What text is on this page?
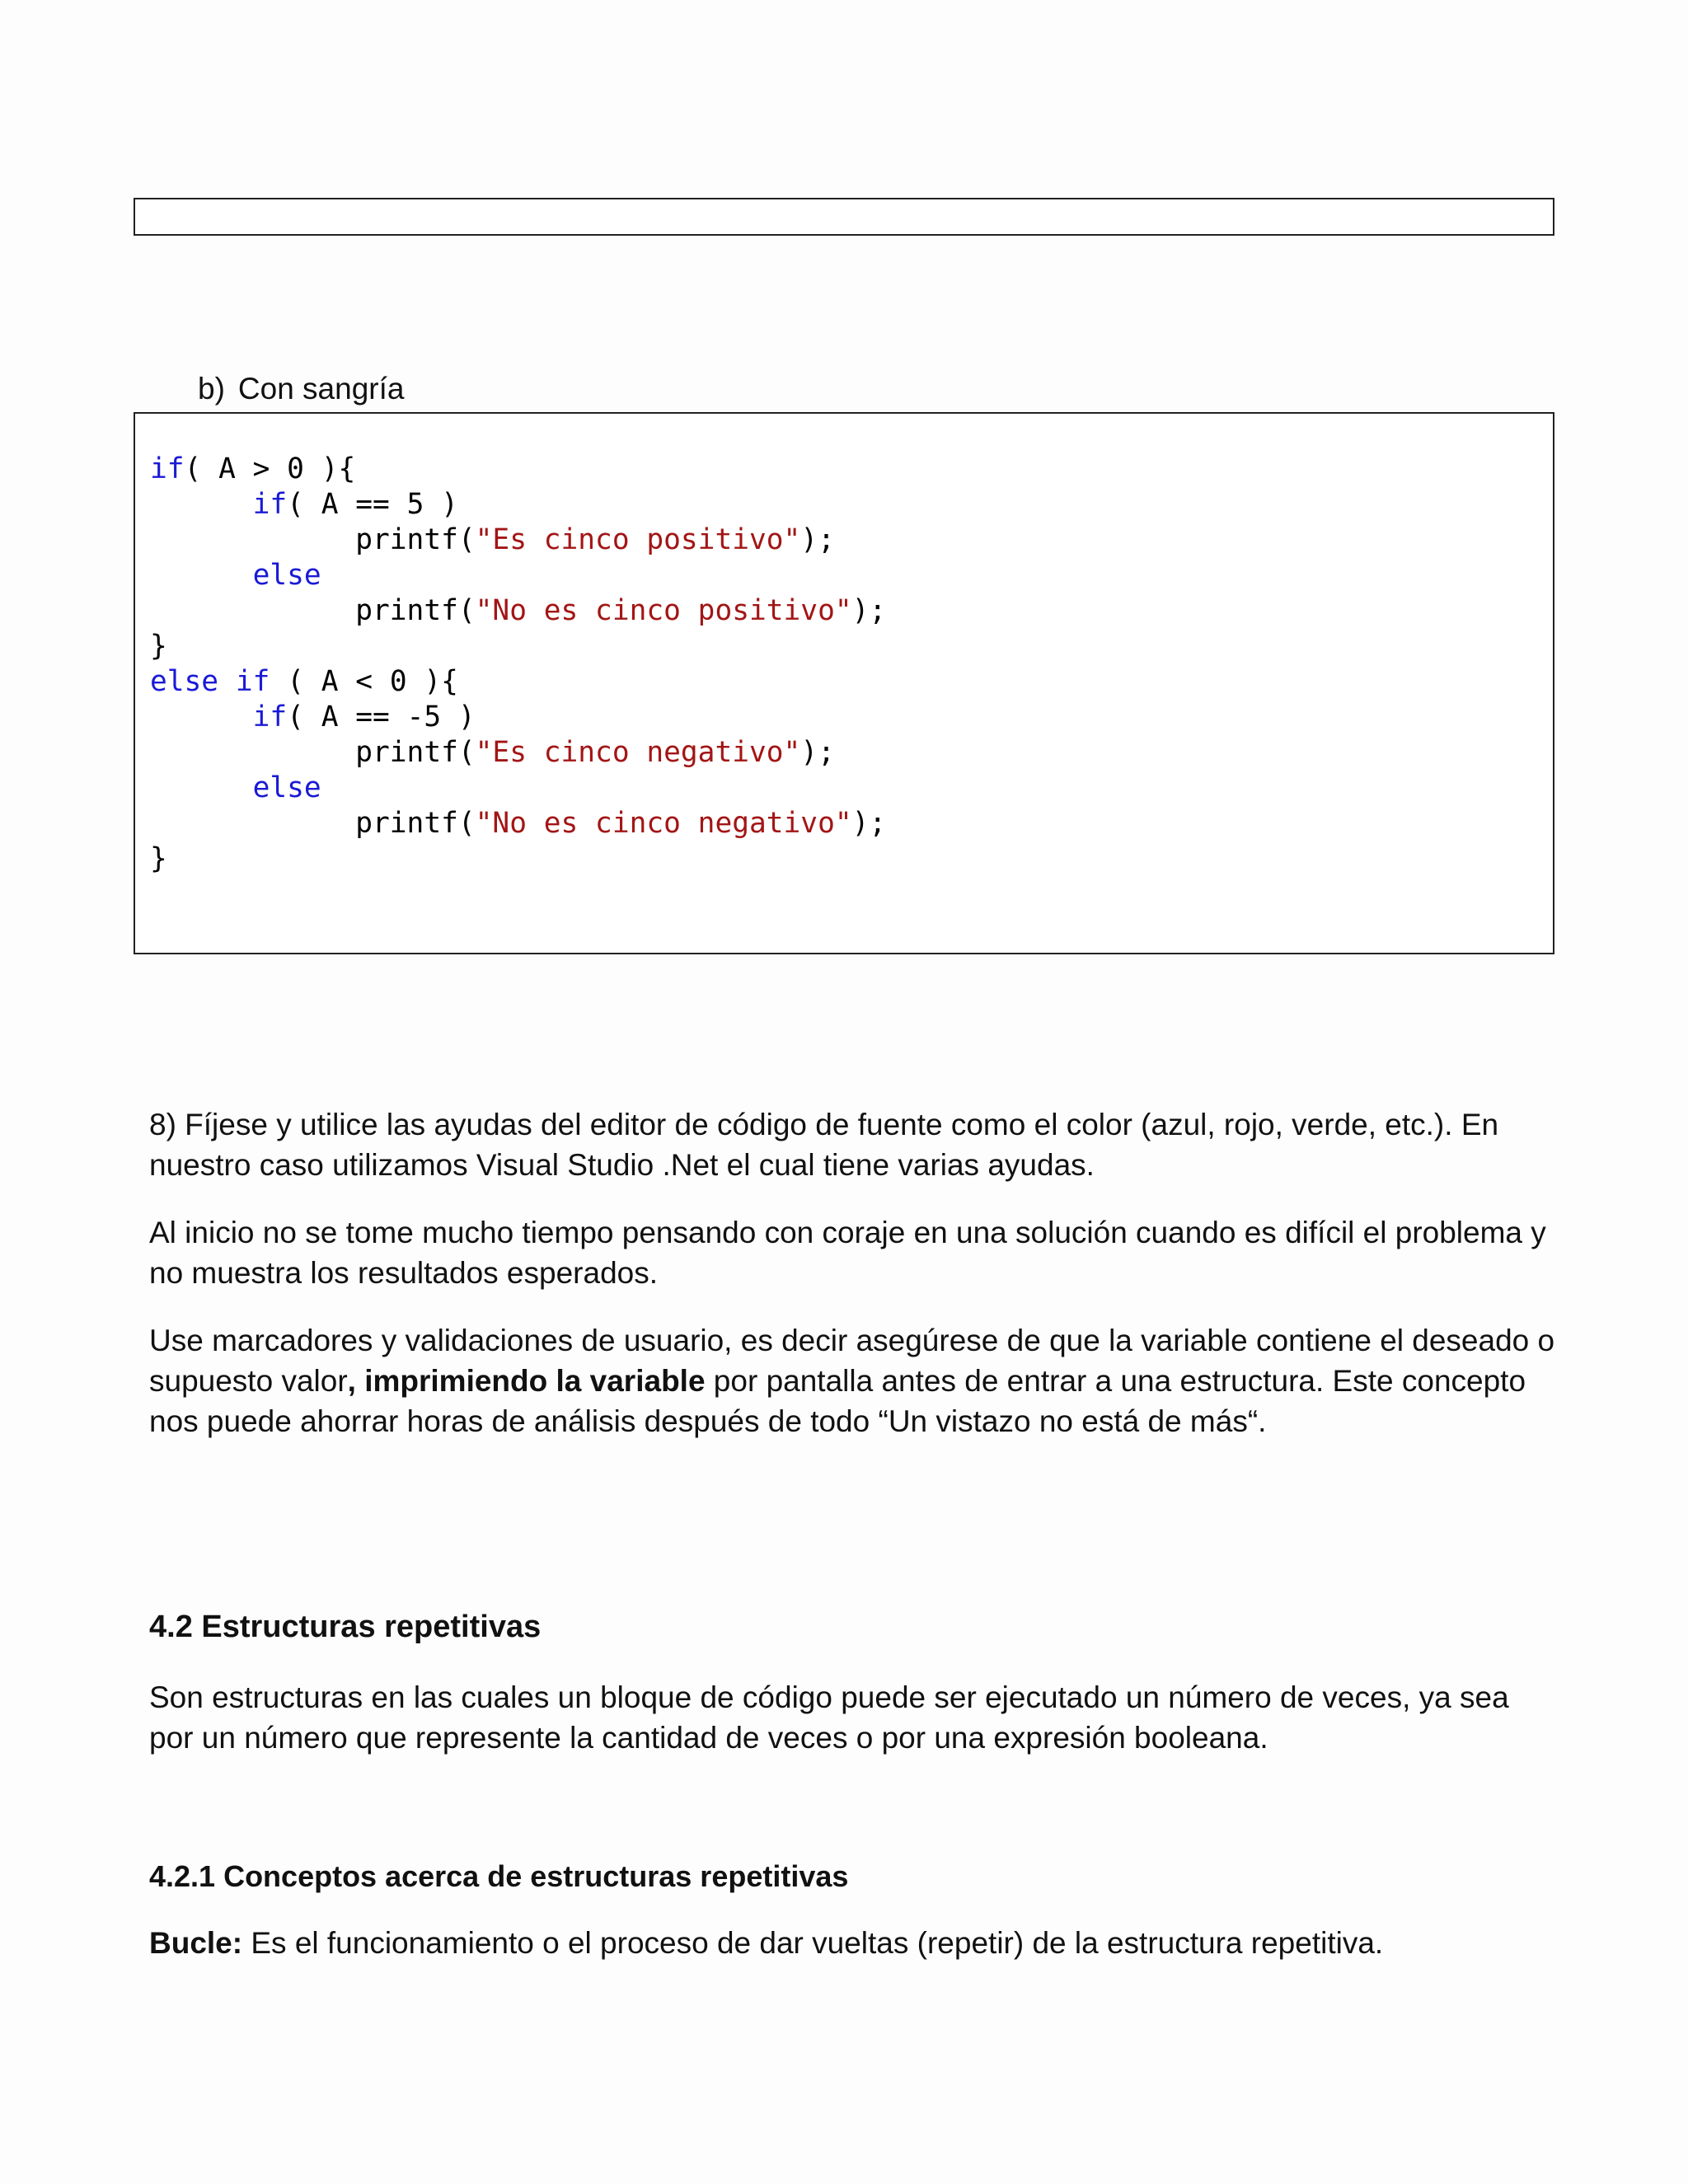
b) Con sangría
if( A > 0 ){
if( A == 5 )
printf("Es cinco positivo");
else
printf("No es cinco positivo");
}
else if ( A < 0 ){
if( A == -5 )
printf("Es cinco negativo");
else
printf("No es cinco negativo");
}

8) Fíjese y utilice las ayudas del editor de código de fuente como el color (azul, rojo, verde, etc.). En nuestro caso utilizamos Visual Studio .Net el cual tiene varias ayudas.

Al inicio no se tome mucho tiempo pensando con coraje en una solución cuando es difícil el problema y no muestra los resultados esperados.

Use marcadores y validaciones de usuario, es decir asegúrese de que la variable contiene el deseado o supuesto valor, imprimiendo la variable por pantalla antes de entrar a una estructura. Este concepto nos puede ahorrar horas de análisis después de todo “Un vistazo no está de más“.

4.2 Estructuras repetitivas

Son estructuras en las cuales un bloque de código puede ser ejecutado un número de veces, ya sea por un número que represente la cantidad de veces o por una expresión booleana.

4.2.1 Conceptos acerca de estructuras repetitivas

Bucle: Es el funcionamiento o el proceso de dar vueltas (repetir) de la estructura repetitiva.
